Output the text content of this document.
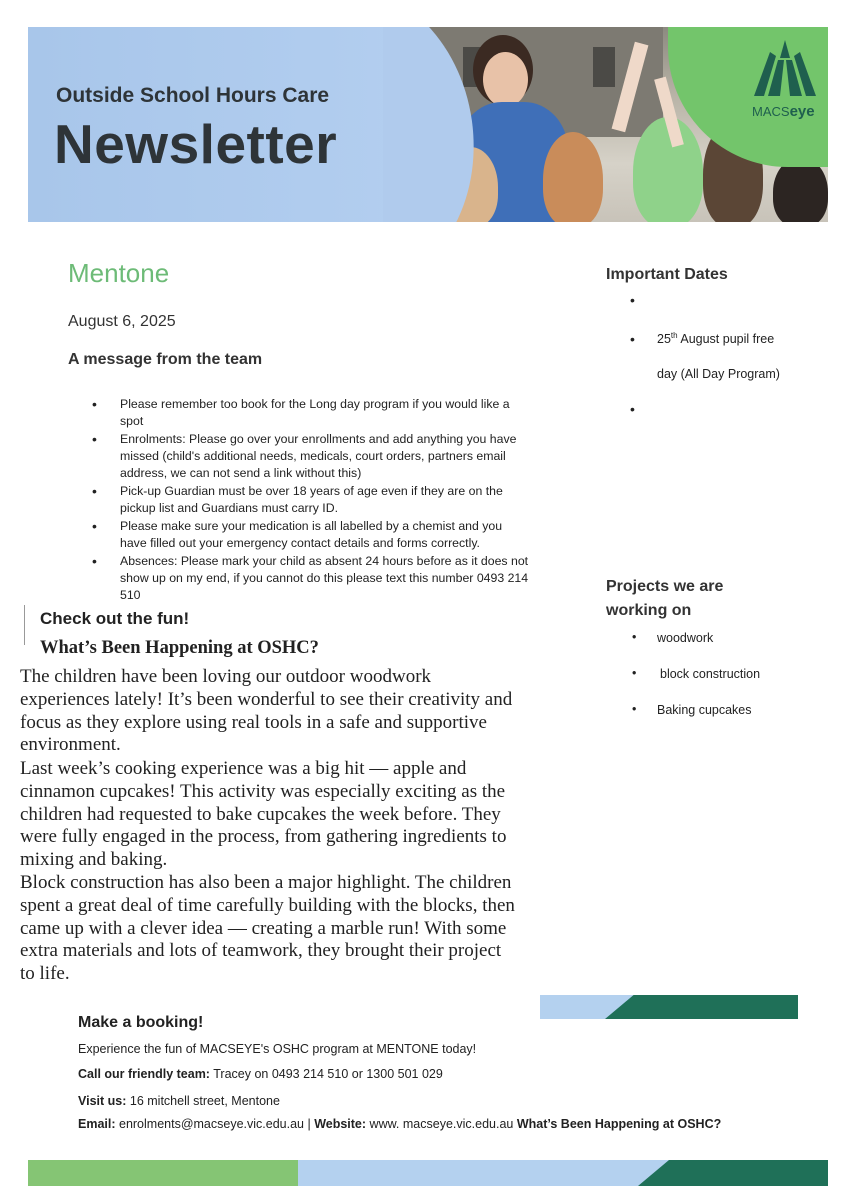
Outside School Hours Care
Newsletter
MACSeye
Mentone
August 6, 2025
A message from the team
• Please remember too book for the Long day program if you would like a spot
• Enrolments: Please go over your enrollments and add anything you have missed (child's additional needs, medicals, court orders, partners email address, we can not send a link without this)
• Pick-up Guardian must be over 18 years of age even if they are on the pickup list and Guardians must carry ID.
• Please make sure your medication is all labelled by a chemist and you have filled out your emergency contact details and forms correctly.
• Absences: Please mark your child as absent 24 hours before as it does not show up on my end, if you cannot do this please text this number 0493 214 510
Check out the fun!
What’s Been Happening at OSHC?
The children have been loving our outdoor woodwork experiences lately! It’s been wonderful to see their creativity and focus as they explore using real tools in a safe and supportive environment.
Last week’s cooking experience was a big hit — apple and cinnamon cupcakes! This activity was especially exciting as the children had requested to bake cupcakes the week before. They were fully engaged in the process, from gathering ingredients to mixing and baking.
Block construction has also been a major highlight. The children spent a great deal of time carefully building with the blocks, then came up with a clever idea — creating a marble run! With some extra materials and lots of teamwork, they brought their project to life.
Important Dates
•
•
•
25th August pupil free
day (All Day Program)
Projects we are working on
• woodwork
• block construction
• Baking cupcakes
Make a booking!
Experience the fun of MACSEYE's OSHC program at MENTONE today!
Call our friendly team: Tracey on 0493 214 510 or 1300 501 029
Visit us: 16 mitchell street, Mentone
Email: enrolments@macseye.vic.edu.au | Website: www. macseye.vic.edu.au What’s Been Happening at OSHC?
